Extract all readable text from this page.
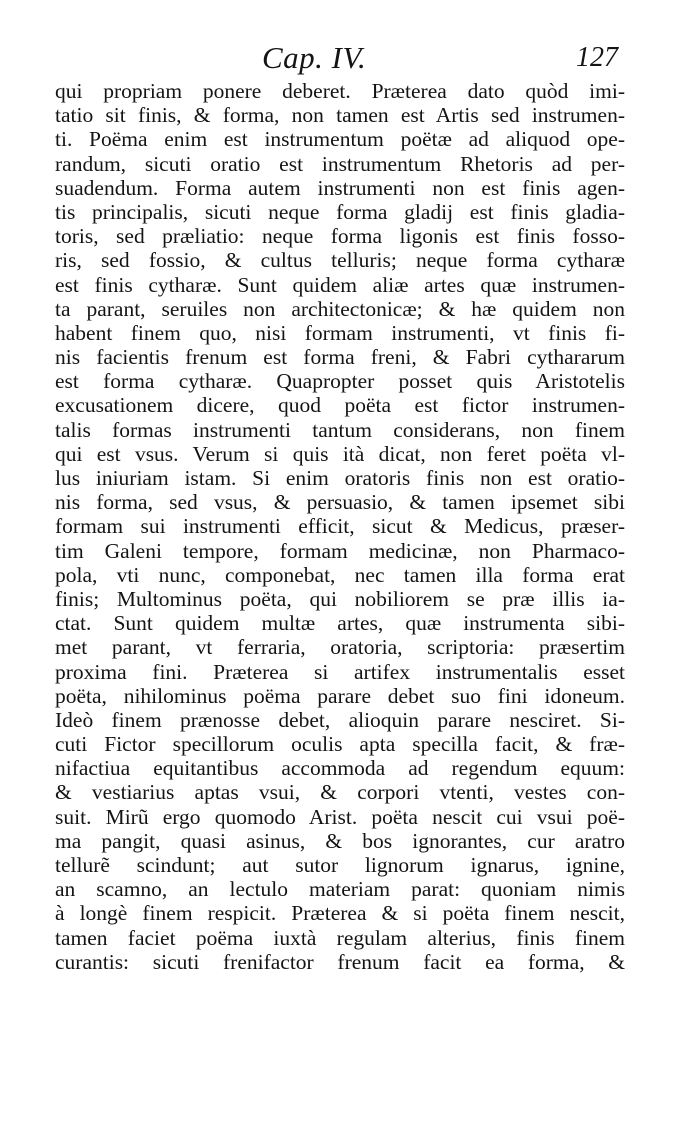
Cap. IV.	127
qui propriam ponere deberet. Præterea dato quòd imi-
tatio sit finis, & forma, non tamen est Artis sed instrumen-
ti. Poëma enim est instrumentum poëtæ ad aliquod ope-
randum, sicuti oratio est instrumentum Rhetoris ad per-
suadendum. Forma autem instrumenti non est finis agen-
tis principalis, sicuti neque forma gladij est finis gladia-
toris, sed præliatio: neque forma ligonis est finis fosso-
ris, sed fossio, & cultus telluris; neque forma cytharæ
est finis cytharæ. Sunt quidem aliæ artes quæ instrumen-
ta parant, seruiles non architectonicæ; & hæ quidem non
habent finem quo, nisi formam instrumenti, vt finis fi-
nis facientis frenum est forma freni, & Fabri cythararum
est forma cytharæ. Quapropter posset quis Aristotelis
excusationem dicere, quod poëta est fictor instrumen-
talis formas instrumenti tantum considerans, non finem
qui est vsus. Verum si quis ità dicat, non feret poëta vl-
lus iniuriam istam. Si enim oratoris finis non est oratio-
nis forma, sed vsus, & persuasio, & tamen ipsemet sibi
formam sui instrumenti efficit, sicut & Medicus, præser-
tim Galeni tempore, formam medicinæ, non Pharmaco-
pola, vti nunc, componebat, nec tamen illa forma erat
finis; Multominus poëta, qui nobiliorem se præ illis ia-
ctat. Sunt quidem multæ artes, quæ instrumenta sibi-
met parant, vt ferraria, oratoria, scriptoria: præsertim
proxima fini. Præterea si artifex instrumentalis esset
poëta, nihilominus poëma parare debet suo fini idoneum.
Ideò finem prænosse debet, alioquin parare nesciret. Si-
cuti Fictor specillorum oculis apta specilla facit, & fræ-
nifactiua equitantibus accommoda ad regendum equum:
& vestiarius aptas vsui, & corpori vtenti, vestes con-
suit. Mirũ ergo quomodo Arist. poëta nescit cui vsui poë-
ma pangit, quasi asinus, & bos ignorantes, cur aratro
tellurẽ scindunt; aut sutor lignorum ignarus, ignine,
an scamno, an lectulo materiam parat: quoniam nimis
à longè finem respicit. Præterea & si poëta finem nescit,
tamen faciet poëma iuxtà regulam alterius, finis finem
curantis: sicuti frenifactor frenum facit ea forma, &
